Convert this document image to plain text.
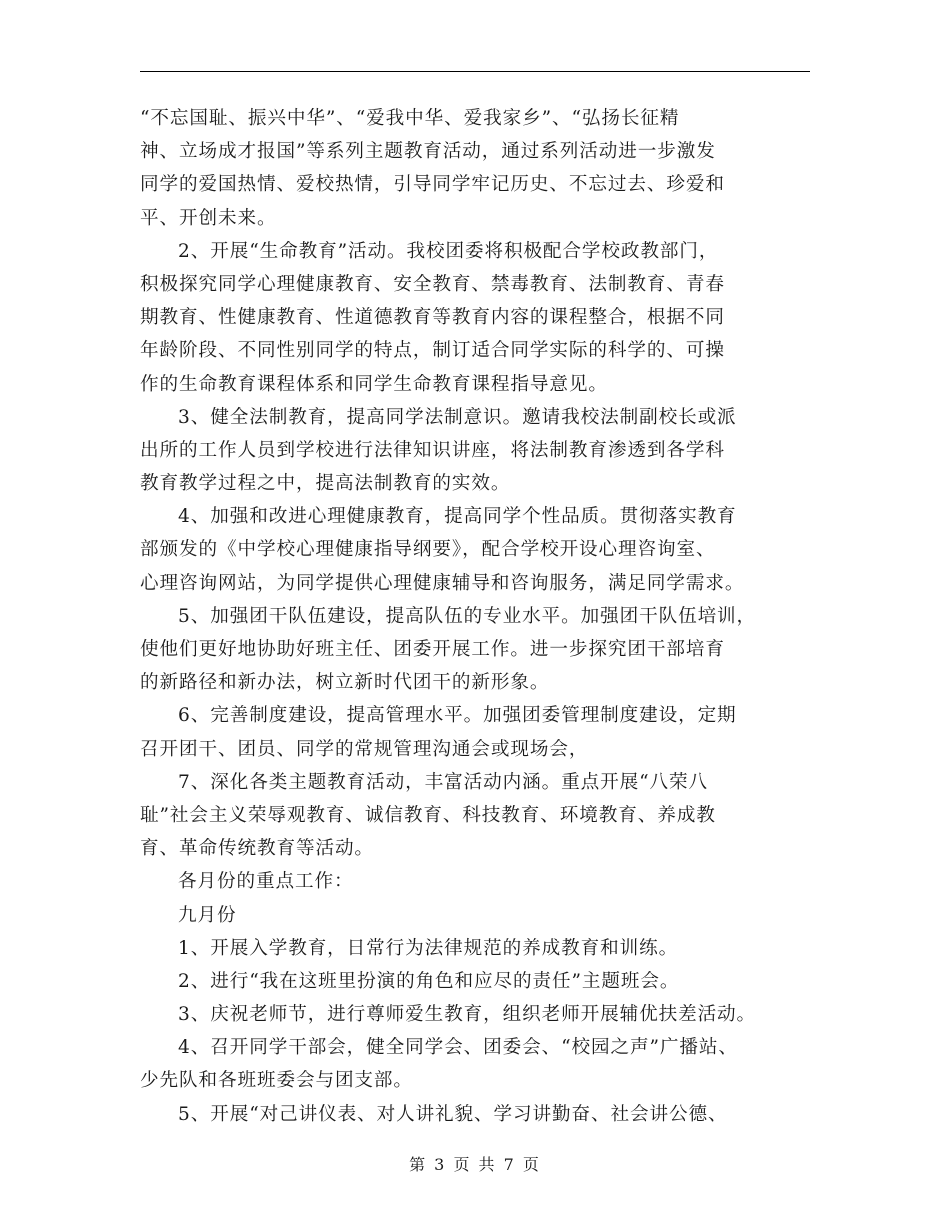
“不忘国耻、振兴中华”、“爱我中华、爱我家乡”、“弘扬长征精
神、立场成才报国”等系列主题教育活动，通过系列活动进一步激发
同学的爱国热情、爱校热情，引导同学牢记历史、不忘过去、珍爱和
平、开创未来。
2、开展“生命教育”活动。我校团委将积极配合学校政教部门，
积极探究同学心理健康教育、安全教育、禁毒教育、法制教育、青春
期教育、性健康教育、性道德教育等教育内容的课程整合，根据不同
年龄阶段、不同性别同学的特点，制订适合同学实际的科学的、可操
作的生命教育课程体系和同学生命教育课程指导意见。
3、健全法制教育，提高同学法制意识。邀请我校法制副校长或派
出所的工作人员到学校进行法律知识讲座，将法制教育渗透到各学科
教育教学过程之中，提高法制教育的实效。
4、加强和改进心理健康教育，提高同学个性品质。贯彻落实教育
部颁发的《中学校心理健康指导纲要》，配合学校开设心理咨询室、
心理咨询网站，为同学提供心理健康辅导和咨询服务，满足同学需求。
5、加强团干队伍建设，提高队伍的专业水平。加强团干队伍培训，
使他们更好地协助好班主任、团委开展工作。进一步探究团干部培育
的新路径和新办法，树立新时代团干的新形象。
6、完善制度建设，提高管理水平。加强团委管理制度建设，定期
召开团干、团员、同学的常规管理沟通会或现场会，
7、深化各类主题教育活动，丰富活动内涵。重点开展“八荣八
耻”社会主义荣辱观教育、诚信教育、科技教育、环境教育、养成教
育、革命传统教育等活动。
各月份的重点工作：
九月份
1、开展入学教育，日常行为法律规范的养成教育和训练。
2、进行“我在这班里扮演的角色和应尽的责任”主题班会。
3、庆祝老师节，进行尊师爱生教育，组织老师开展辅优扶差活动。
4、召开同学干部会，健全同学会、团委会、“校园之声”广播站、
少先队和各班班委会与团支部。
5、开展“对己讲仪表、对人讲礼貌、学习讲勤奋、社会讲公德、
第 3 页 共 7 页
